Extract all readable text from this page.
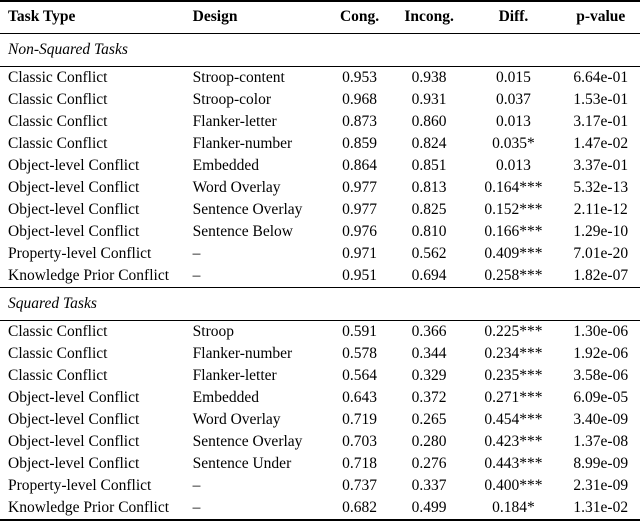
Task Type	Design	Cong.	Incong.	Diff.	p-value
Non-Squared Tasks					
Classic Conflict	Stroop-content	0.953	0.938	0.015	6.64e-01
Classic Conflict	Stroop-color	0.968	0.931	0.037	1.53e-01
Classic Conflict	Flanker-letter	0.873	0.860	0.013	3.17e-01
Classic Conflict	Flanker-number	0.859	0.824	0.035*	1.47e-02
Object-level Conflict	Embedded	0.864	0.851	0.013	3.37e-01
Object-level Conflict	Word Overlay	0.977	0.813	0.164***	5.32e-13
Object-level Conflict	Sentence Overlay	0.977	0.825	0.152***	2.11e-12
Object-level Conflict	Sentence Below	0.976	0.810	0.166***	1.29e-10
Property-level Conflict	–	0.971	0.562	0.409***	7.01e-20
Knowledge Prior Conflict	–	0.951	0.694	0.258***	1.82e-07
Squared Tasks					
Classic Conflict	Stroop	0.591	0.366	0.225***	1.30e-06
Classic Conflict	Flanker-number	0.578	0.344	0.234***	1.92e-06
Classic Conflict	Flanker-letter	0.564	0.329	0.235***	3.58e-06
Object-level Conflict	Embedded	0.643	0.372	0.271***	6.09e-05
Object-level Conflict	Word Overlay	0.719	0.265	0.454***	3.40e-09
Object-level Conflict	Sentence Overlay	0.703	0.280	0.423***	1.37e-08
Object-level Conflict	Sentence Under	0.718	0.276	0.443***	8.99e-09
Property-level Conflict	–	0.737	0.337	0.400***	2.31e-09
Knowledge Prior Conflict	–	0.682	0.499	0.184*	1.31e-02
